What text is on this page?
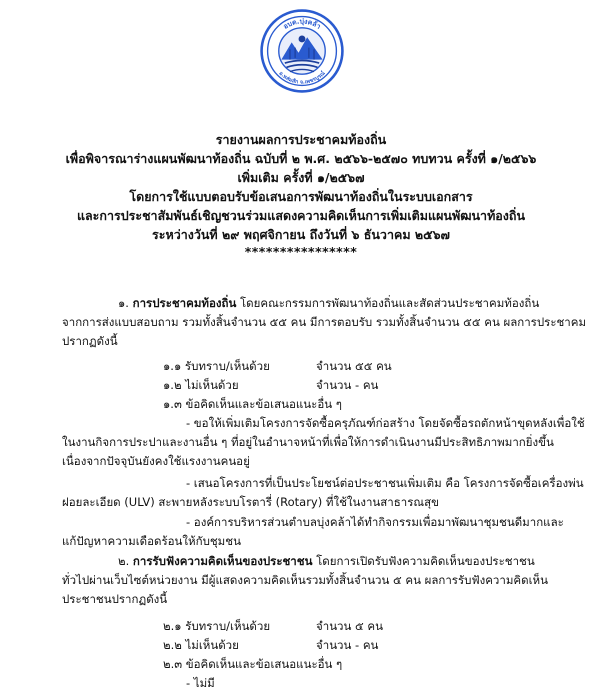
อบต.บุ่งคล้า
อ.หล่มสัก จ.เพชรบูรณ์
รายงานผลการประชาคมท้องถิ่น
เพื่อพิจารณาร่างแผนพัฒนาท้องถิ่น ฉบับที่ ๒ พ.ศ. ๒๕๖๖-๒๕๗๐ ทบทวน ครั้งที่ ๑/๒๕๖๖
เพิ่มเติม ครั้งที่ ๑/๒๕๖๗
โดยการใช้แบบตอบรับข้อเสนอการพัฒนาท้องถิ่นในระบบเอกสาร
และการประชาสัมพันธ์เชิญชวนร่วมแสดงความคิดเห็นการเพิ่มเติมแผนพัฒนาท้องถิ่น
ระหว่างวันที่ ๒๙ พฤศจิกายน ถึงวันที่ ๖ ธันวาคม ๒๕๖๗
****************
๑. การประชาคมท้องถิ่น โดยคณะกรรมการพัฒนาท้องถิ่นและสัดส่วนประชาคมท้องถิ่น
จากการส่งแบบสอบถาม รวมทั้งสิ้นจำนวน ๕๕ คน มีการตอบรับ รวมทั้งสิ้นจำนวน ๕๕ คน ผลการประชาคม
ปรากฏดังนี้
๑.๑ รับทราบ/เห็นด้วย	จำนวน ๕๕ คน
๑.๒ ไม่เห็นด้วย	จำนวน - คน
๑.๓ ข้อคิดเห็นและข้อเสนอแนะอื่น ๆ
- ขอให้เพิ่มเติมโครงการจัดซื้อครุภัณฑ์ก่อสร้าง โดยจัดซื้อรถตักหน้าขุดหลังเพื่อใช้
ในงานกิจการประปาและงานอื่น ๆ ที่อยู่ในอำนาจหน้าที่เพื่อให้การดำเนินงานมีประสิทธิภาพมากยิ่งขึ้น
เนื่องจากปัจจุบันยังคงใช้แรงงานคนอยู่
- เสนอโครงการที่เป็นประโยชน์ต่อประชาชนเพิ่มเติม คือ โครงการจัดซื้อเครื่องพ่น
ฝอยละเอียด (ULV) สะพายหลังระบบโรตารี่ (Rotary) ที่ใช้ในงานสาธารณสุข
- องค์การบริหารส่วนตำบลบุ่งคล้าได้ทำกิจกรรมเพื่อมาพัฒนาชุมชนดีมากและ
แก้ปัญหาความเดือดร้อนให้กับชุมชน
๒. การรับฟังความคิดเห็นของประชาชน โดยการเปิดรับฟังความคิดเห็นของประชาชน
ทั่วไปผ่านเว็บไซต์หน่วยงาน มีผู้แสดงความคิดเห็นรวมทั้งสิ้นจำนวน ๕ คน ผลการรับฟังความคิดเห็น
ประชาชนปรากฏดังนี้
๒.๑ รับทราบ/เห็นด้วย	จำนวน ๕ คน
๒.๒ ไม่เห็นด้วย	จำนวน - คน
๒.๓ ข้อคิดเห็นและข้อเสนอแนะอื่น ๆ
- ไม่มี
